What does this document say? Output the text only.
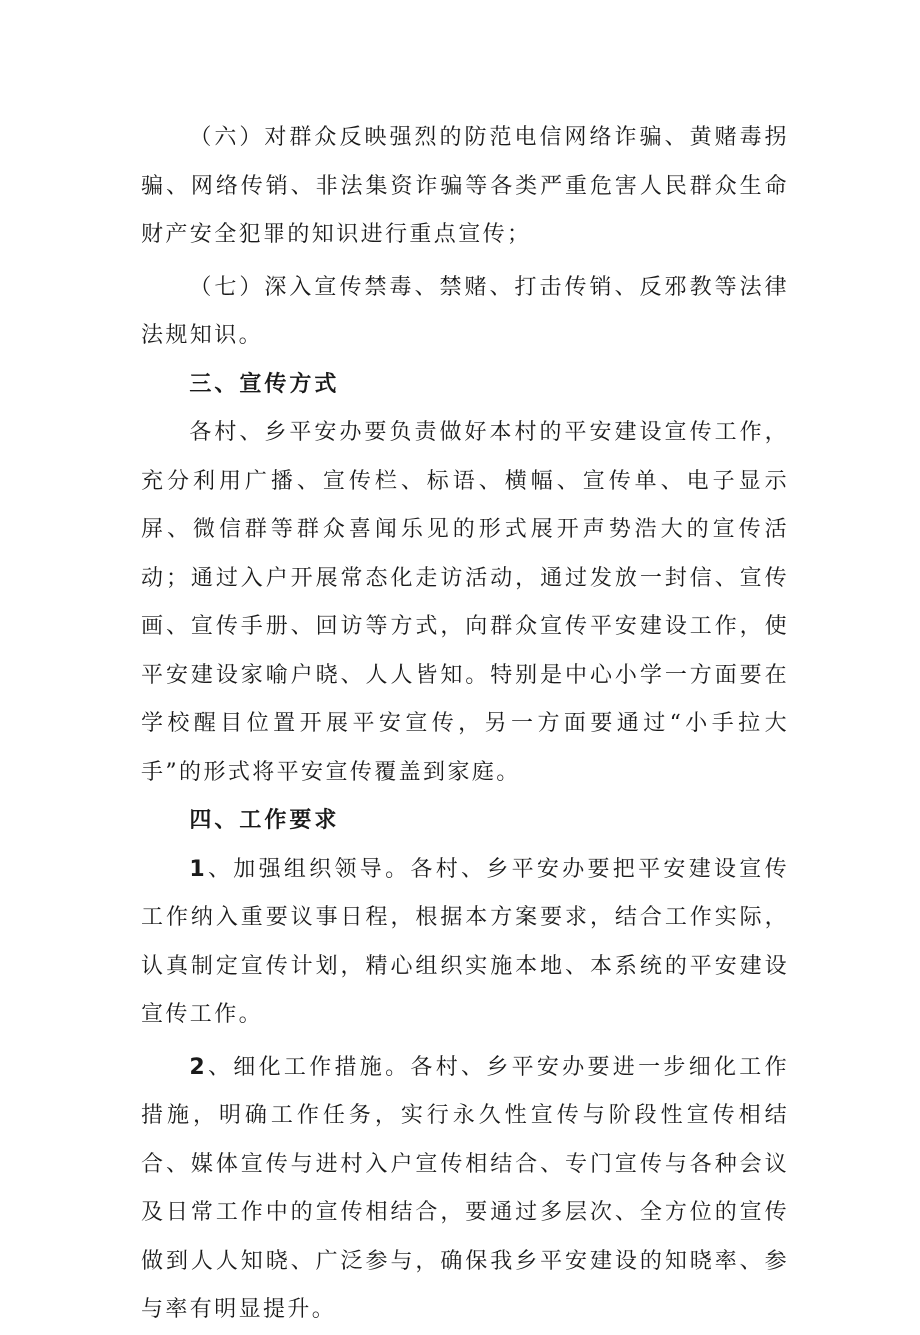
（六）对群众反映强烈的防范电信网络诈骗、黄赌毒拐骗、网络传销、非法集资诈骗等各类严重危害人民群众生命财产安全犯罪的知识进行重点宣传；

（七）深入宣传禁毒、禁赌、打击传销、反邪教等法律法规知识。

三、宣传方式

各村、乡平安办要负责做好本村的平安建设宣传工作，充分利用广播、宣传栏、标语、横幅、宣传单、电子显示屏、微信群等群众喜闻乐见的形式展开声势浩大的宣传活动；通过入户开展常态化走访活动，通过发放一封信、宣传画、宣传手册、回访等方式，向群众宣传平安建设工作，使平安建设家喻户晓、人人皆知。特别是中心小学一方面要在学校醒目位置开展平安宣传，另一方面要通过“小手拉大手”的形式将平安宣传覆盖到家庭。

四、工作要求

1、加强组织领导。各村、乡平安办要把平安建设宣传工作纳入重要议事日程，根据本方案要求，结合工作实际，认真制定宣传计划，精心组织实施本地、本系统的平安建设宣传工作。

2、细化工作措施。各村、乡平安办要进一步细化工作措施，明确工作任务，实行永久性宣传与阶段性宣传相结合、媒体宣传与进村入户宣传相结合、专门宣传与各种会议及日常工作中的宣传相结合，要通过多层次、全方位的宣传做到人人知晓、广泛参与，确保我乡平安建设的知晓率、参与率有明显提升。
